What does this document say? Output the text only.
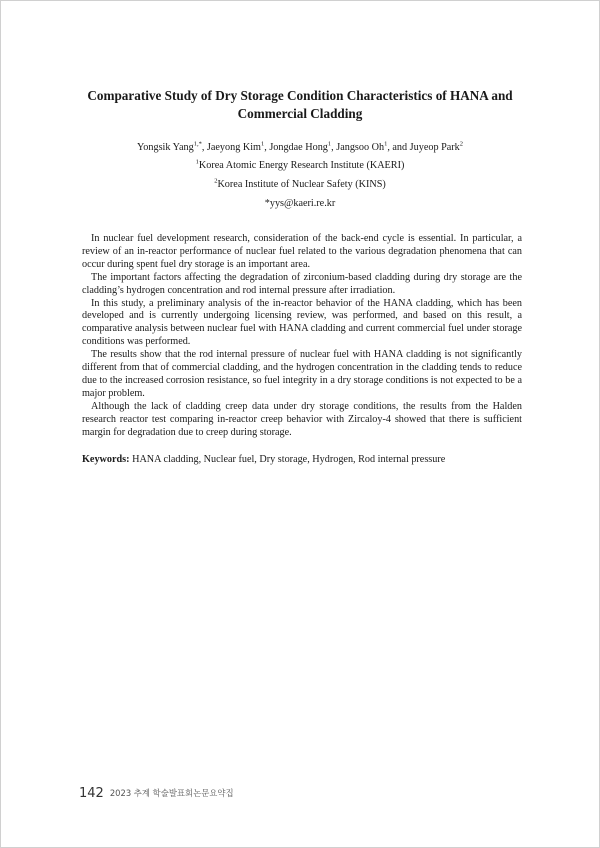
Comparative Study of Dry Storage Condition Characteristics of HANA and Commercial Cladding
Yongsik Yang$^{1,*}$, Jaeyong Kim$^1$, Jongdae Hong$^1$, Jangsoo Oh$^1$, and Juyeop Park$^2$
$^1$Korea Atomic Energy Research Institute (KAERI)
$^2$Korea Institute of Nuclear Safety (KINS)
*yys@kaeri.re.kr

In nuclear fuel development research, consideration of the back-end cycle is essential. In particular, a review of an in-reactor performance of nuclear fuel related to the various degradation phenomena that can occur during spent fuel dry storage is an important area.

The important factors affecting the degradation of zirconium-based cladding during dry storage are the cladding’s hydrogen concentration and rod internal pressure after irradiation.

In this study, a preliminary analysis of the in-reactor behavior of the HANA cladding, which has been developed and is currently undergoing licensing review, was performed, and based on this result, a comparative analysis between nuclear fuel with HANA cladding and current commercial fuel under storage conditions was performed.

The results show that the rod internal pressure of nuclear fuel with HANA cladding is not significantly different from that of commercial cladding, and the hydrogen concentration in the cladding tends to reduce due to the increased corrosion resistance, so fuel integrity in a dry storage conditions is not expected to be a major problem.

Although the lack of cladding creep data under dry storage conditions, the results from the Halden research reactor test comparing in-reactor creep behavior with Zircaloy-4 showed that there is sufficient margin for degradation due to creep during storage.

Keywords: HANA cladding, Nuclear fuel, Dry storage, Hydrogen, Rod internal pressure
142 2023 추계 학술발표회논문요약집
